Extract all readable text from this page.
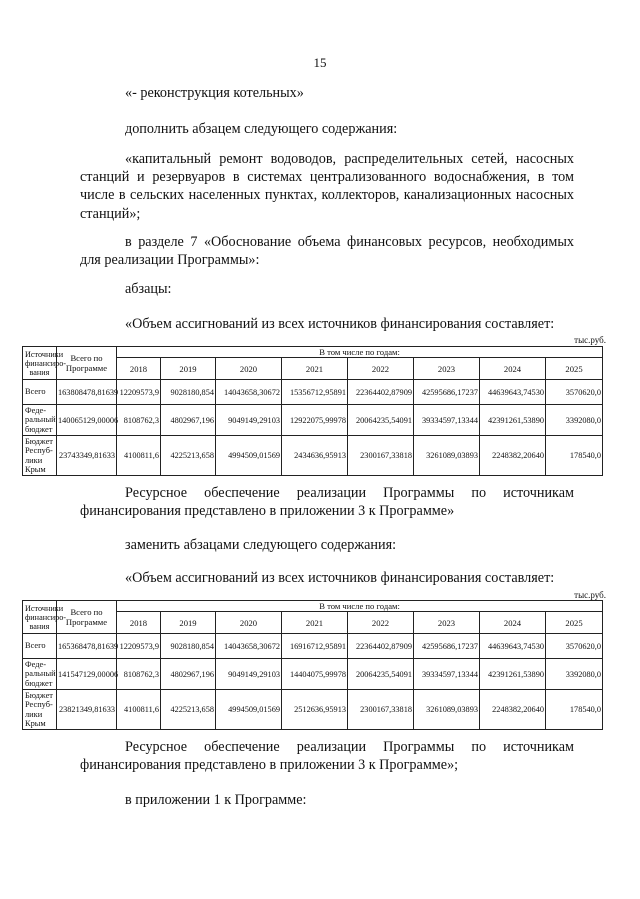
15

«- реконструкция котельных»

дополнить абзацем следующего содержания:

«капитальный ремонт водоводов, распределительных сетей, насосных
станций и резервуаров в системах централизованного водоснабжения, в том числе в сельских населенных пунктах, коллекторов, канализационных насосных станций»;

в разделе 7 «Обоснование объема финансовых ресурсов, необходимых
для реализации Программы»:

абзацы:

«Объем ассигнований из всех источников финансирования составляет:

тыс.руб.
Источники финансиро-вания	Всего по Программе	В том числе по годам:							
		2018	2019	2020	2021	2022	2023	2024	2025
Всего	163808478,81639	12209573,9	9028180,854	14043658,30672	15356712,95891	22364402,87909	42595686,17237	44639643,74530	3570620,0
Феде-ральный бюджет	140065129,00006	8108762,3	4802967,196	9049149,29103	12922075,99978	20064235,54091	39334597,13344	42391261,53890	3392080,0
Бюджет Респуб-лики Крым	23743349,81633	4100811,6	4225213,658	4994509,01569	2434636,95913	2300167,33818	3261089,03893	2248382,20640	178540,0

Ресурсное обеспечение реализации Программы по источникам
финансирования представлено в приложении 3 к Программе»

заменить абзацами следующего содержания:

«Объем ассигнований из всех источников финансирования составляет:

тыс.руб.
Источники финансиро-вания	Всего по Программе	В том числе по годам:							
		2018	2019	2020	2021	2022	2023	2024	2025
Всего	165368478,81639	12209573,9	9028180,854	14043658,30672	16916712,95891	22364402,87909	42595686,17237	44639643,74530	3570620,0
Феде-ральный бюджет	141547129,00006	8108762,3	4802967,196	9049149,29103	14404075,99978	20064235,54091	39334597,13344	42391261,53890	3392080,0
Бюджет Респуб-лики Крым	23821349,81633	4100811,6	4225213,658	4994509,01569	2512636,95913	2300167,33818	3261089,03893	2248382,20640	178540,0

Ресурсное обеспечение реализации Программы по источникам
финансирования представлено в приложении 3 к Программе»;

в приложении 1 к Программе:
